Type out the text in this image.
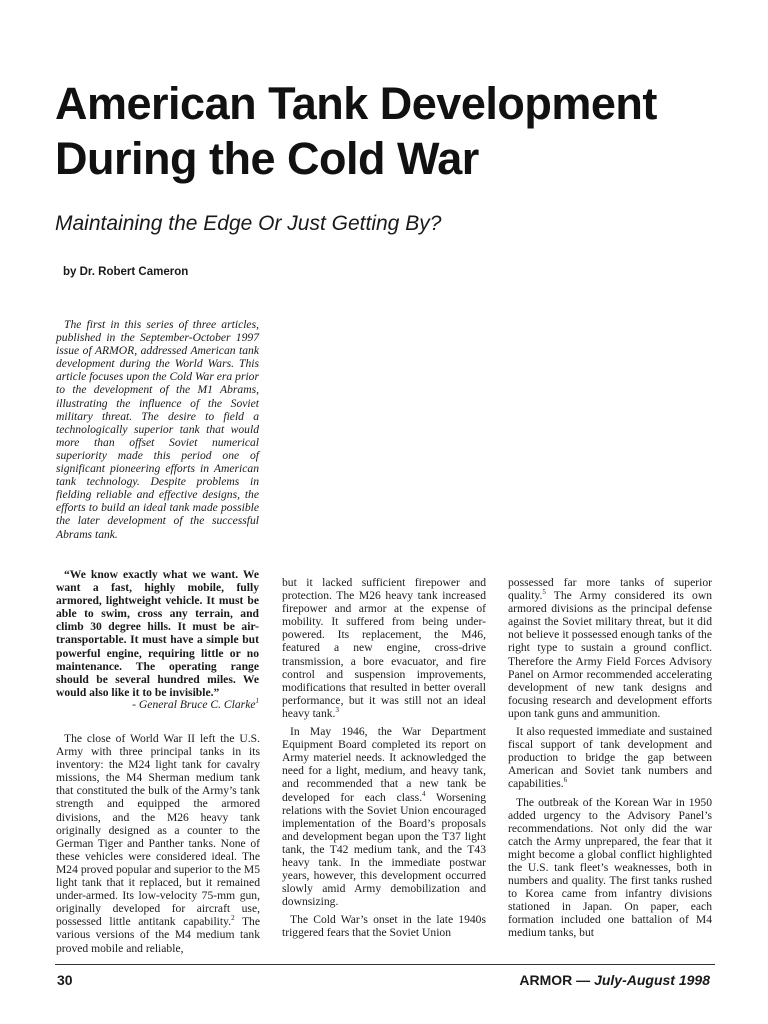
American Tank Development
During the Cold War
Maintaining the Edge Or Just Getting By?
by Dr. Robert Cameron

The first in this series of three articles, published in the September-October 1997 issue of ARMOR, addressed American tank development during the World Wars. This article focuses upon the Cold War era prior to the development of the M1 Abrams, illustrating the influence of the Soviet military threat. The desire to field a technologically superior tank that would more than offset Soviet numerical superiority made this period one of significant pioneering efforts in American tank technology. Despite problems in fielding reliable and effective designs, the efforts to build an ideal tank made possible the later development of the successful Abrams tank.

“We know exactly what we want. We want a fast, highly mobile, fully armored, lightweight vehicle. It must be able to swim, cross any terrain, and climb 30 degree hills. It must be air-transportable. It must have a simple but powerful engine, requiring little or no maintenance. The operating range should be several hundred miles. We would also like it to be invisible.”

- General Bruce C. Clarke$^1$

The close of World War II left the U.S. Army with three principal tanks in its inventory: the M24 light tank for cavalry missions, the M4 Sherman medium tank that constituted the bulk of the Army’s tank strength and equipped the armored divisions, and the M26 heavy tank originally designed as a counter to the German Tiger and Panther tanks. None of these vehicles were considered ideal. The M24 proved popular and superior to the M5 light tank that it replaced, but it remained under-armed. Its low-velocity 75-mm gun, originally developed for aircraft use, possessed little antitank capability.$^2$ The various versions of the M4 medium tank proved mobile and reliable,

but it lacked sufficient firepower and protection. The M26 heavy tank increased firepower and armor at the expense of mobility. It suffered from being under-powered. Its replacement, the M46, featured a new engine, cross-drive transmission, a bore evacuator, and fire control and suspension improvements, modifications that resulted in better overall performance, but it was still not an ideal heavy tank.$^3$

In May 1946, the War Department Equipment Board completed its report on Army materiel needs. It acknowledged the need for a light, medium, and heavy tank, and recommended that a new tank be developed for each class.$^4$ Worsening relations with the Soviet Union encouraged implementation of the Board’s proposals and development began upon the T37 light tank, the T42 medium tank, and the T43 heavy tank. In the immediate postwar years, however, this development occurred slowly amid Army demobilization and downsizing.

The Cold War’s onset in the late 1940s triggered fears that the Soviet Union

possessed far more tanks of superior quality.$^5$ The Army considered its own armored divisions as the principal defense against the Soviet military threat, but it did not believe it possessed enough tanks of the right type to sustain a ground conflict. Therefore the Army Field Forces Advisory Panel on Armor recommended accelerating development of new tank designs and focusing research and development efforts upon tank guns and ammunition.

It also requested immediate and sustained fiscal support of tank development and production to bridge the gap between American and Soviet tank numbers and capabilities.$^6$

The outbreak of the Korean War in 1950 added urgency to the Advisory Panel’s recommendations. Not only did the war catch the Army unprepared, the fear that it might become a global conflict highlighted the U.S. tank fleet’s weaknesses, both in numbers and quality. The first tanks rushed to Korea came from infantry divisions stationed in Japan. On paper, each formation included one battalion of M4 medium tanks, but

30	ARMOR — July-August 1998
